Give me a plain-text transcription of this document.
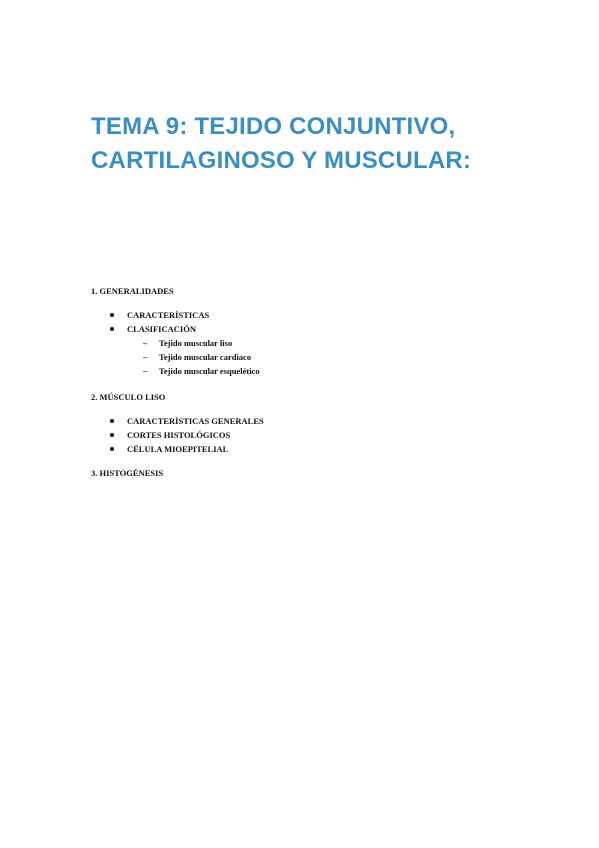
TEMA 9: TEJIDO CONJUNTIVO,
CARTILAGINOSO Y MUSCULAR:

1. GENERALIDADES

CARACTERÍSTICAS
CLASIFICACIÓN
– Tejido muscular liso
– Tejido muscular cardiaco
– Tejido muscular esquelético

2. MÚSCULO LISO

CARACTERÍSTICAS GENERALES
CORTES HISTOLÓGICOS
CÉLULA MIOEPITELIAL

3. HISTOGÉNESIS
